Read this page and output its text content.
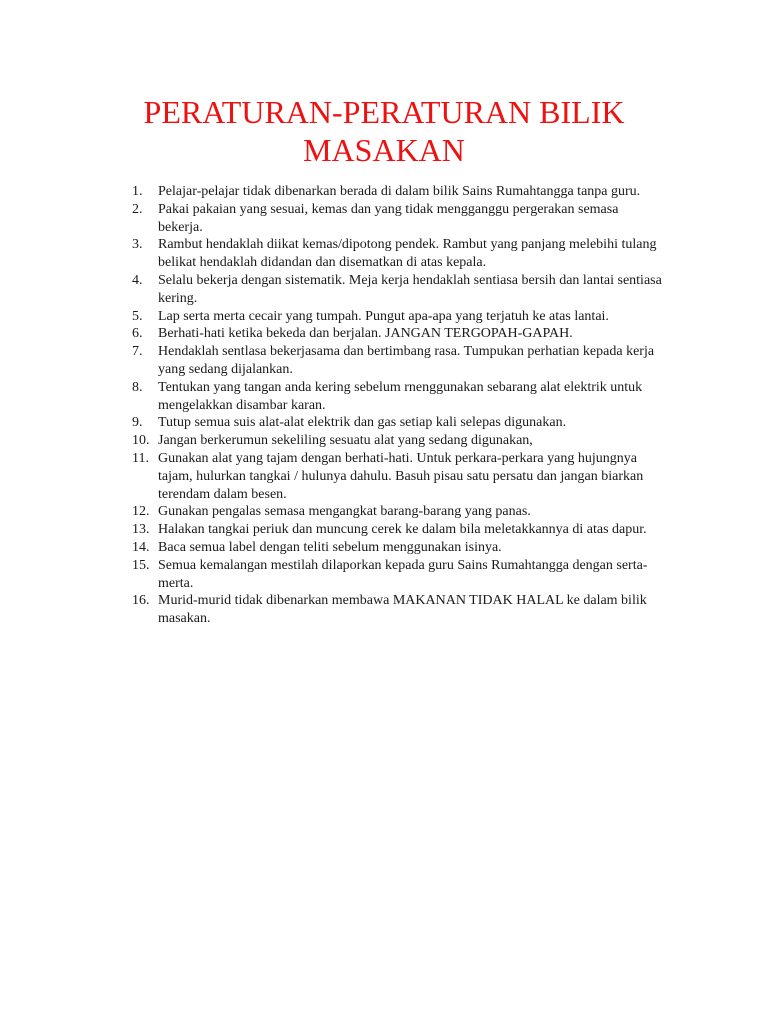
PERATURAN-PERATURAN BILIK
MASAKAN
1.	Pelajar-pelajar tidak dibenarkan berada di dalam bilik Sains Rumahtangga tanpa guru.
2.	Pakai pakaian yang sesuai, kemas dan yang tidak mengganggu pergerakan semasa bekerja.
3.	Rambut hendaklah diikat kemas/dipotong pendek. Rambut yang panjang melebihi tulang belikat hendaklah didandan dan disematkan di atas kepala.
4.	Selalu bekerja dengan sistematik. Meja kerja hendaklah sentiasa bersih dan lantai sentiasa kering.
5.	Lap serta merta cecair yang tumpah. Pungut apa-apa yang terjatuh ke atas lantai.
6.	Berhati-hati ketika bekeda dan berjalan. JANGAN TERGOPAH-GAPAH.
7.	Hendaklah sentlasa bekerjasama dan bertimbang rasa. Tumpukan perhatian kepada kerja yang sedang dijalankan.
8.	Tentukan yang tangan anda kering sebelum rnenggunakan sebarang alat elektrik untuk mengelakkan disambar karan.
9.	Tutup semua suis alat-alat elektrik dan gas setiap kali selepas digunakan.
10. Jangan berkerumun sekeliling sesuatu alat yang sedang digunakan,
11. Gunakan alat yang tajam dengan berhati-hati. Untuk perkara-perkara yang hujungnya tajam, hulurkan tangkai / hulunya dahulu. Basuh pisau satu persatu dan jangan biarkan terendam dalam besen.
12. Gunakan pengalas semasa mengangkat barang-barang yang panas.
13. Halakan tangkai periuk dan muncung cerek ke dalam bila meletakkannya di atas dapur.
14. Baca semua label dengan teliti sebelum menggunakan isinya.
15. Semua kemalangan mestilah dilaporkan kepada guru Sains Rumahtangga dengan serta-merta.
16. Murid-murid tidak dibenarkan membawa MAKANAN TIDAK HALAL ke dalam bilik masakan.
